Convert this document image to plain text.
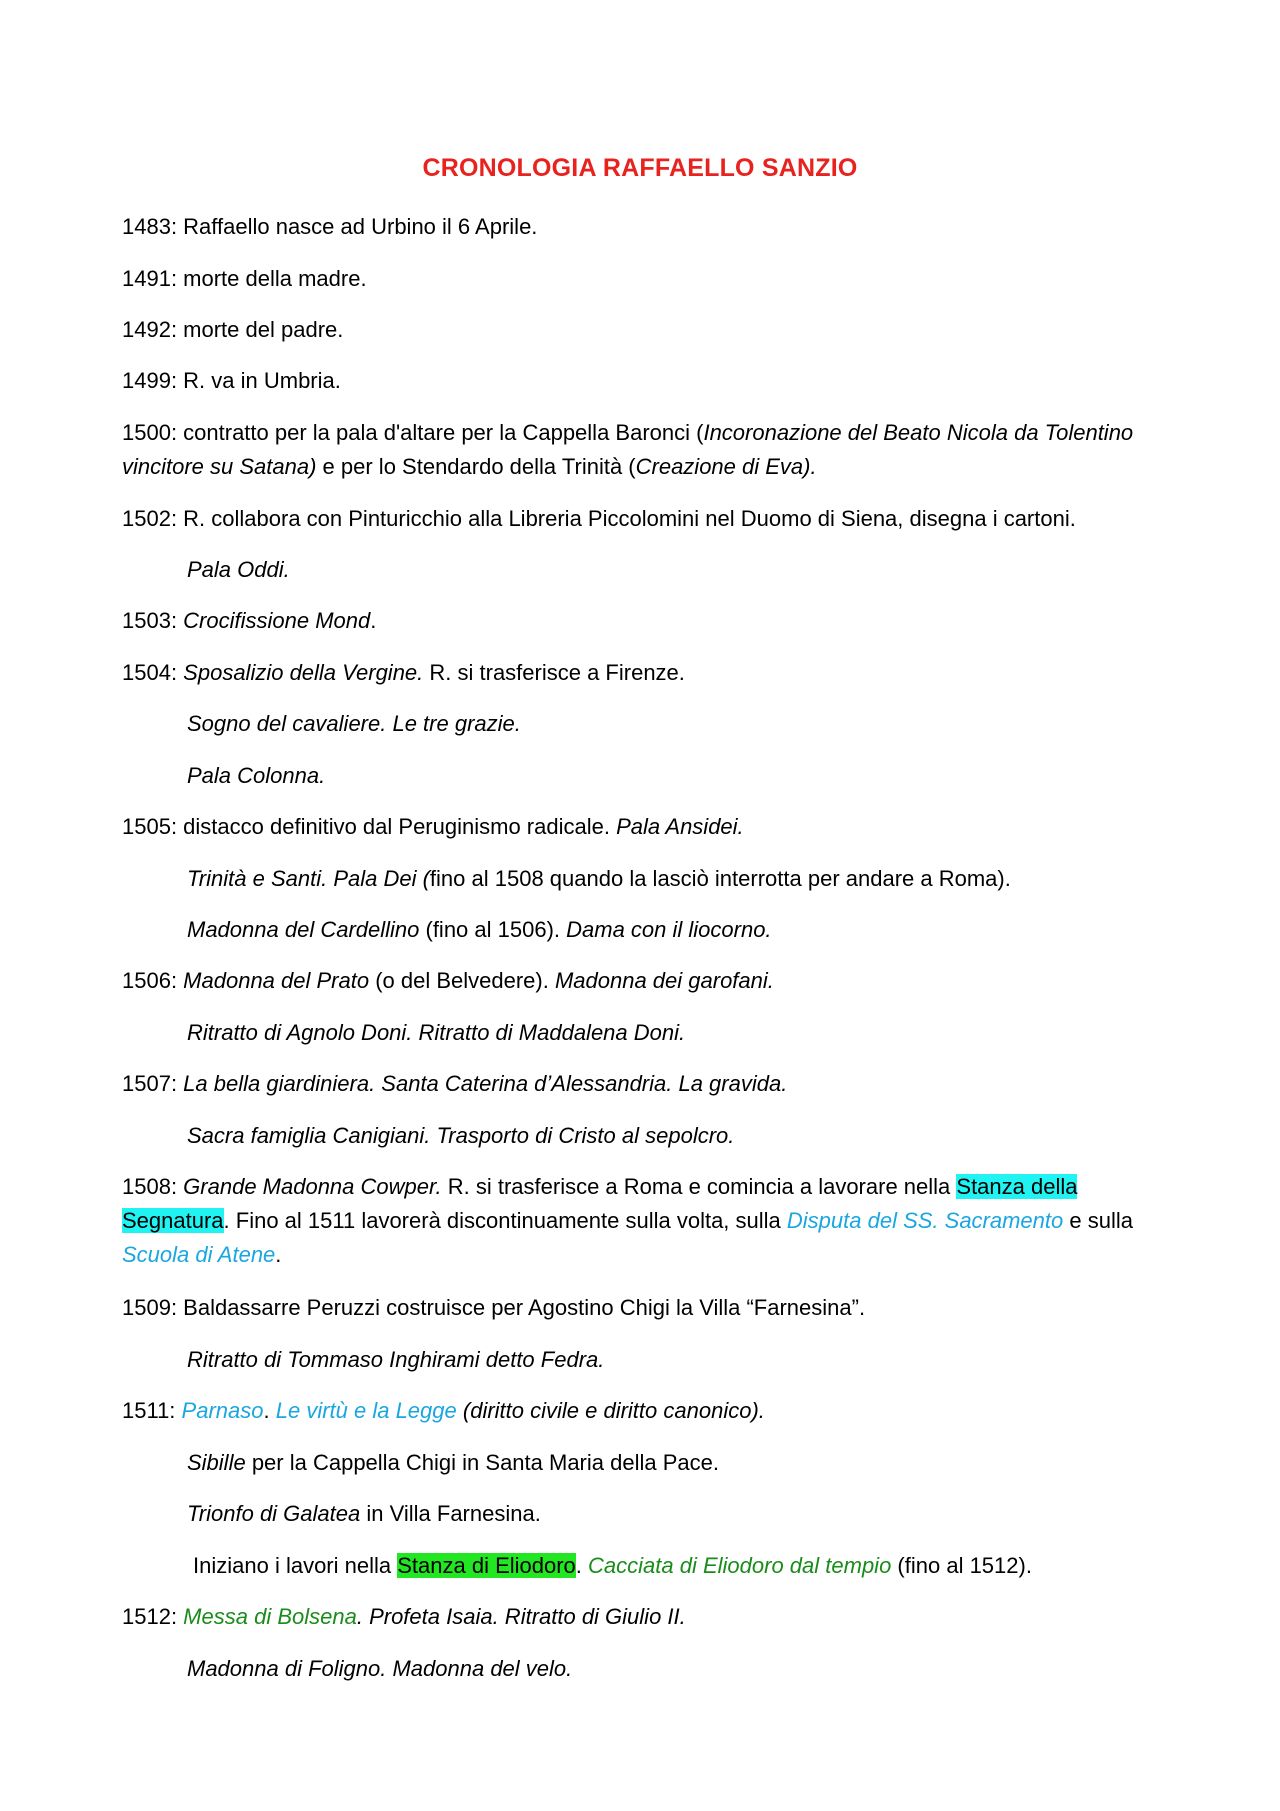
CRONOLOGIA RAFFAELLO SANZIO
1483: Raffaello nasce ad Urbino il 6 Aprile.
1491: morte della madre.
1492: morte del padre.
1499: R. va in Umbria.
1500: contratto per la pala d'altare per la Cappella Baronci (Incoronazione del Beato Nicola da Tolentino vincitore su Satana) e per lo Stendardo della Trinità (Creazione di Eva).
1502: R. collabora con Pinturicchio alla Libreria Piccolomini nel Duomo di Siena, disegna i cartoni.
Pala Oddi.
1503: Crocifissione Mond.
1504: Sposalizio della Vergine. R. si trasferisce a Firenze.
Sogno del cavaliere. Le tre grazie.
Pala Colonna.
1505: distacco definitivo dal Peruginismo radicale. Pala Ansidei.
Trinità e Santi. Pala Dei (fino al 1508 quando la lasciò interrotta per andare a Roma).
Madonna del Cardellino (fino al 1506). Dama con il liocorno.
1506: Madonna del Prato (o del Belvedere). Madonna dei garofani.
Ritratto di Agnolo Doni. Ritratto di Maddalena Doni.
1507: La bella giardiniera. Santa Caterina d’Alessandria. La gravida.
Sacra famiglia Canigiani. Trasporto di Cristo al sepolcro.
1508: Grande Madonna Cowper. R. si trasferisce a Roma e comincia a lavorare nella Stanza della Segnatura. Fino al 1511 lavorerà discontinuamente sulla volta, sulla Disputa del SS. Sacramento e sulla Scuola di Atene.
1509: Baldassarre Peruzzi costruisce per Agostino Chigi la Villa “Farnesina”.
Ritratto di Tommaso Inghirami detto Fedra.
1511: Parnaso. Le virtù e la Legge (diritto civile e diritto canonico).
Sibille per la Cappella Chigi in Santa Maria della Pace.
Trionfo di Galatea in Villa Farnesina.
Iniziano i lavori nella Stanza di Eliodoro. Cacciata di Eliodoro dal tempio (fino al 1512).
1512: Messa di Bolsena. Profeta Isaia. Ritratto di Giulio II.
Madonna di Foligno. Madonna del velo.
